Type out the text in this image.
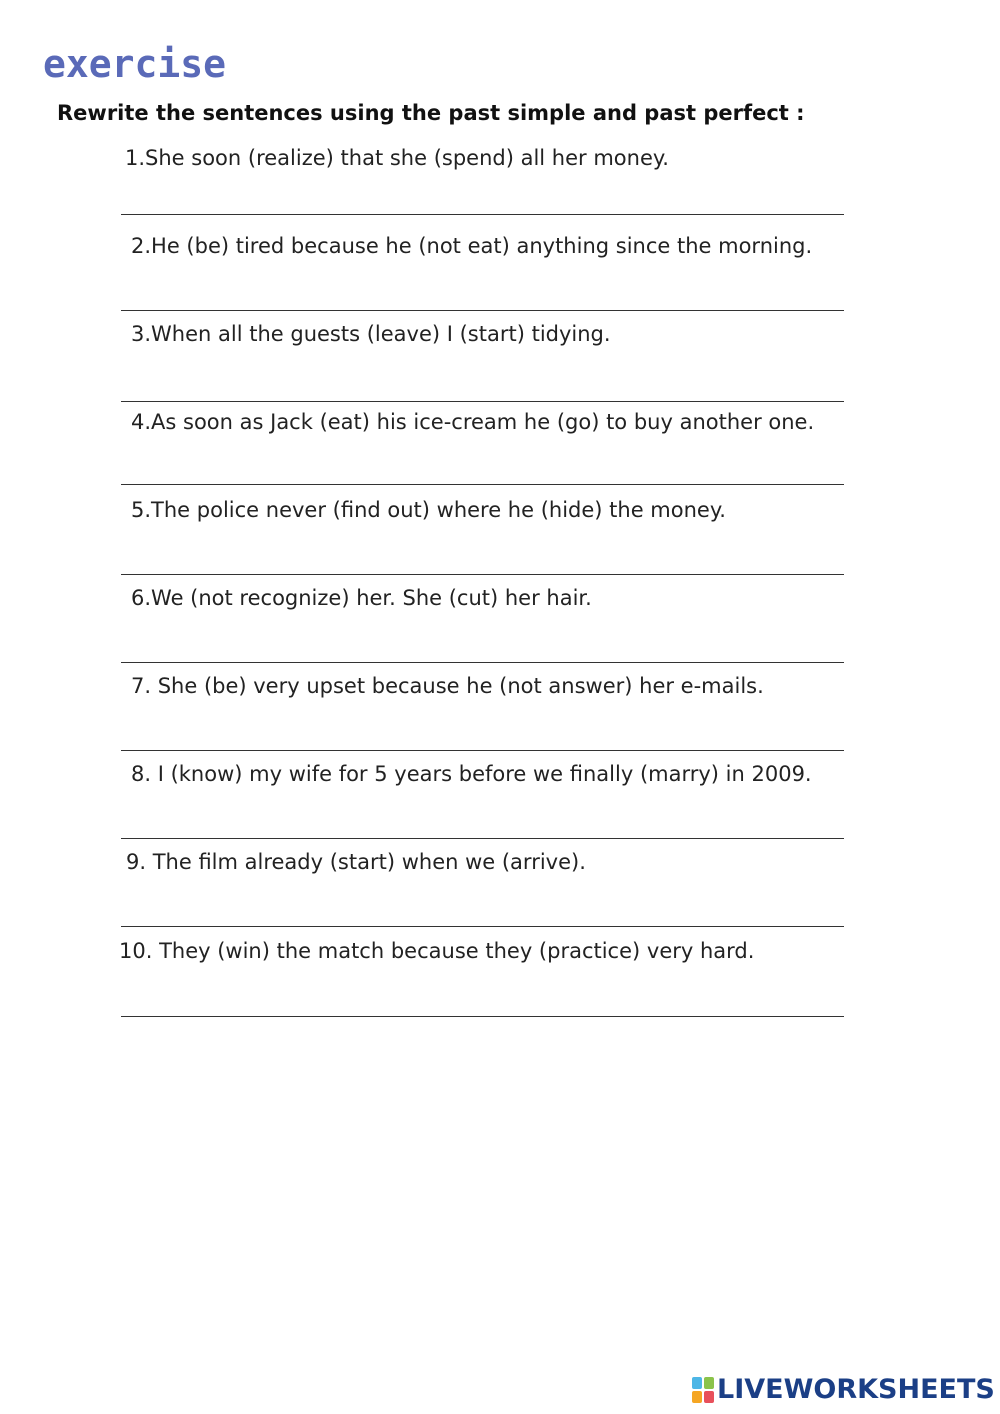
exercise

Rewrite the sentences using the past simple and past perfect :

1.She soon (realize) that she (spend) all her money.

2.He (be) tired because he (not eat) anything since the morning.

3.When all the guests (leave) I (start) tidying.

4.As soon as Jack (eat) his ice-cream he (go) to buy another one.

5.The police never (find out) where he (hide) the money.

6.We (not recognize) her. She (cut) her hair.

7. She (be) very upset because he (not answer) her e-mails.

8. I (know) my wife for 5 years before we finally (marry) in 2009.

9. The film already (start) when we (arrive).

10. They (win) the match because they (practice) very hard.

LIVEWORKSHEETS
